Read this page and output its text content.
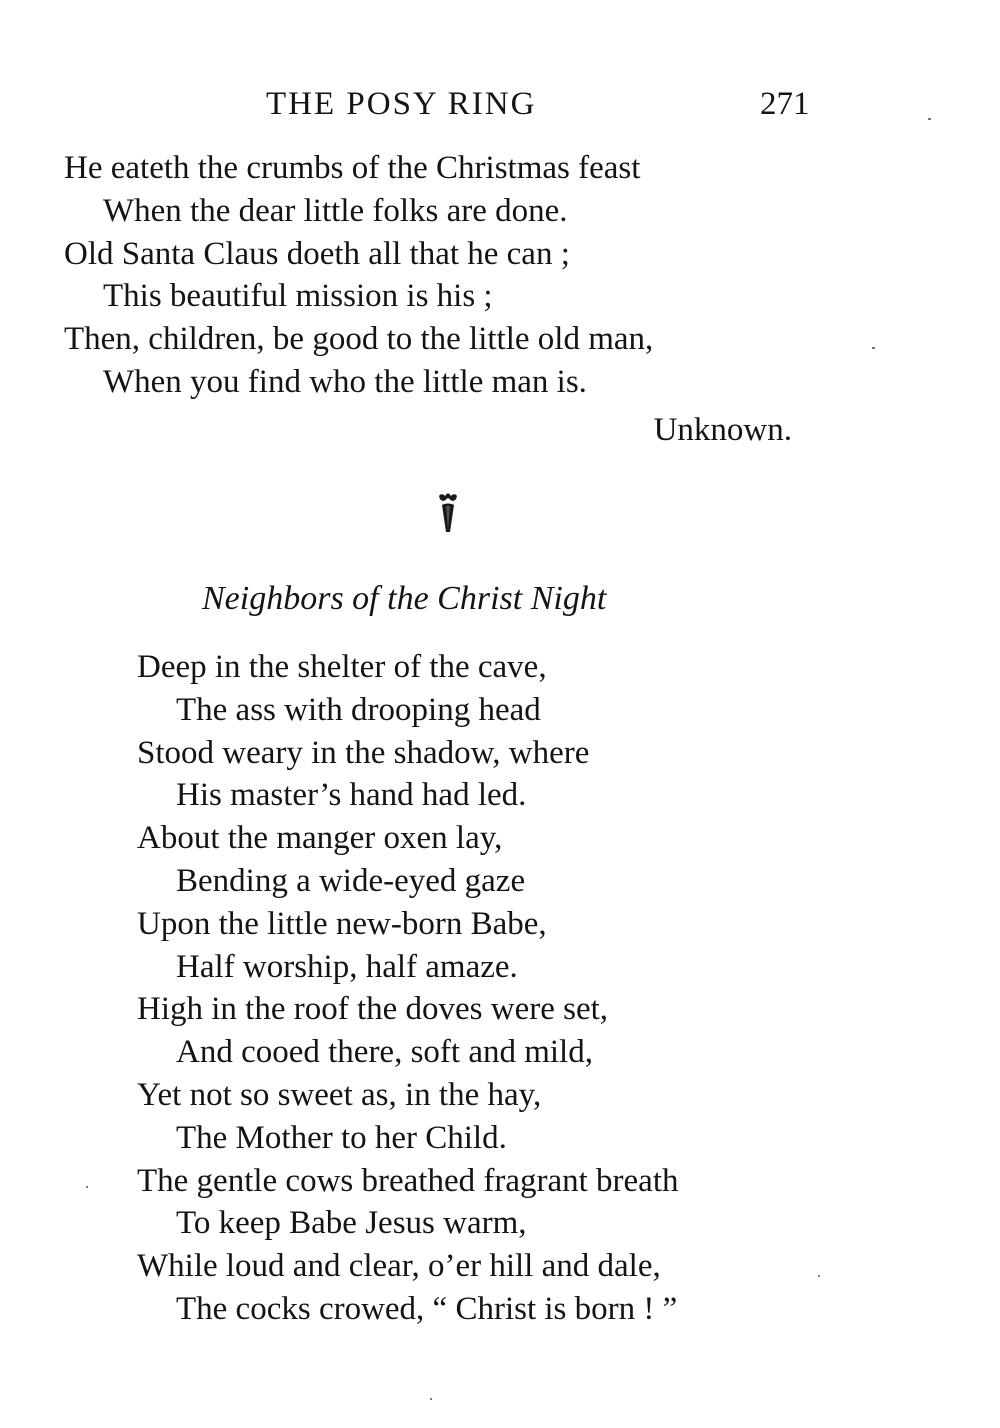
THE POSY RING	271
He eateth the crumbs of the Christmas feast
When the dear little folks are done.
Old Santa Claus doeth all that he can ;
This beautiful mission is his ;
Then, children, be good to the little old man,
When you find who the little man is.
Unknown.
Neighbors of the Christ Night
Deep in the shelter of the cave,
The ass with drooping head
Stood weary in the shadow, where
His master’s hand had led.
About the manger oxen lay,
Bending a wide-eyed gaze
Upon the little new-born Babe,
Half worship, half amaze.
High in the roof the doves were set,
And cooed there, soft and mild,
Yet not so sweet as, in the hay,
The Mother to her Child.
The gentle cows breathed fragrant breath
To keep Babe Jesus warm,
While loud and clear, o’er hill and dale,
The cocks crowed, “ Christ is born ! ”
